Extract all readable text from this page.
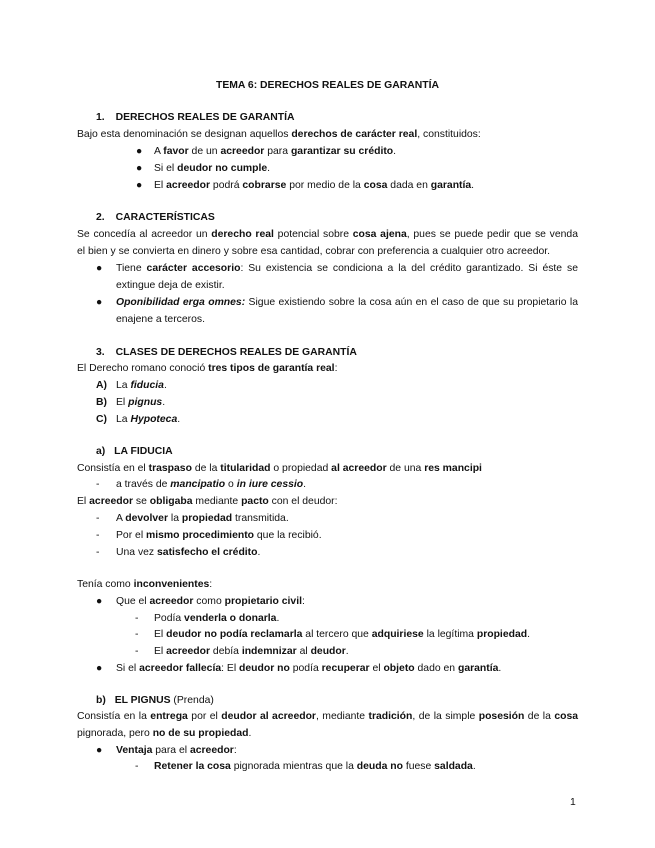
TEMA 6: DERECHOS REALES DE GARANTÍA
1. DERECHOS REALES DE GARANTÍA
Bajo esta denominación se designan aquellos derechos de carácter real, constituidos:
● A favor de un acreedor para garantizar su crédito.
● Si el deudor no cumple.
● El acreedor podrá cobrarse por medio de la cosa dada en garantía.
2. CARACTERÍSTICAS
Se concedía al acreedor un derecho real potencial sobre cosa ajena, pues se puede pedir que se venda
el bien y se convierta en dinero y sobre esa cantidad, cobrar con preferencia a cualquier otro acreedor.
● Tiene carácter accesorio: Su existencia se condiciona a la del crédito garantizado. Si éste se
extingue deja de existir.
● Oponibilidad erga omnes: Sigue existiendo sobre la cosa aún en el caso de que su propietario la
enajene a terceros.
3. CLASES DE DERECHOS REALES DE GARANTÍA
El Derecho romano conoció tres tipos de garantía real:
A) La fiducia.
B) El pignus.
C) La Hypoteca.
a) LA FIDUCIA
Consistía en el traspaso de la titularidad o propiedad al acreedor de una res mancipi
- a través de mancipatio o in iure cessio.
El acreedor se obligaba mediante pacto con el deudor:
- A devolver la propiedad transmitida.
- Por el mismo procedimiento que la recibió.
- Una vez satisfecho el crédito.
Tenía como inconvenientes:
● Que el acreedor como propietario civil:
- Podía venderla o donarla.
- El deudor no podía reclamarla al tercero que adquiriese la legítima propiedad.
- El acreedor debía indemnizar al deudor.
● Si el acreedor fallecía: El deudor no podía recuperar el objeto dado en garantía.
b) EL PIGNUS (Prenda)
Consistía en la entrega por el deudor al acreedor, mediante tradición, de la simple posesión de la cosa
pignorada, pero no de su propiedad.
● Ventaja para el acreedor:
- Retener la cosa pignorada mientras que la deuda no fuese saldada.
1
